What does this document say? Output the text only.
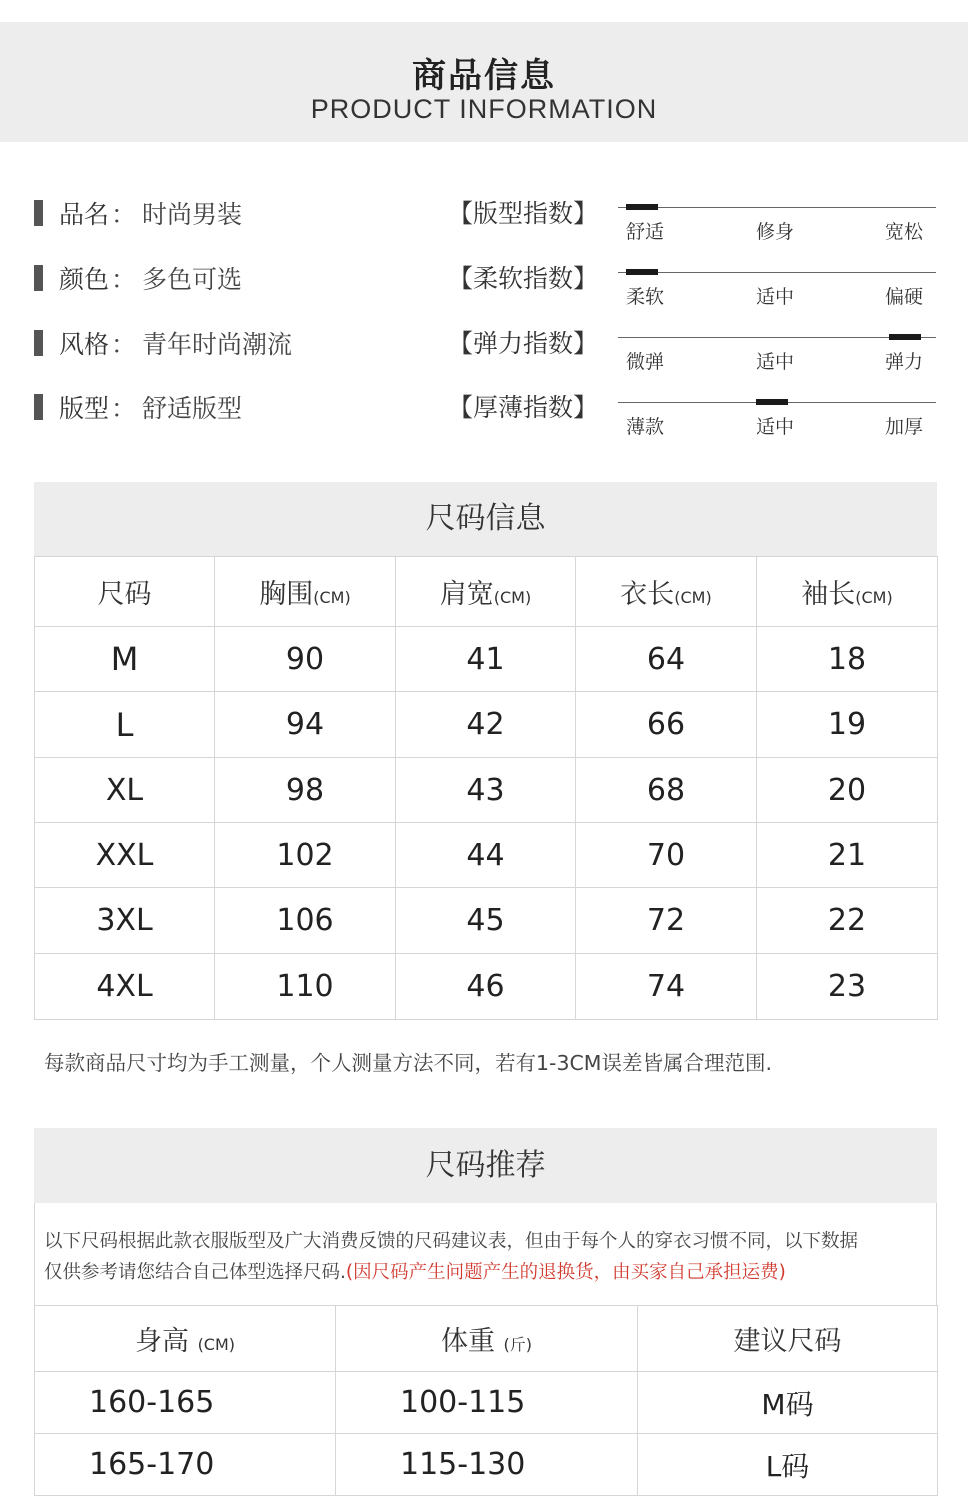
商品信息
PRODUCT INFORMATION
品名 ： 时尚男装
颜色 ： 多色可选
风格 ： 青年时尚潮流
版型 ： 舒适版型
【版型指数】
舒适	修身	宽松
【柔软指数】
柔软	适中	偏硬
【弹力指数】
微弹	适中	弹力
【厚薄指数】
薄款	适中	加厚
尺码信息
尺码	胸围(CM)	肩宽(CM)	衣长(CM)	袖长(CM)
M	90	41	64	18
L	94	42	66	19
XL	98	43	68	20
XXL	102	44	70	21
3XL	106	45	72	22
4XL	110	46	74	23
每款商品尺寸均为手工测量，个人测量方法不同，若有1-3CM误差皆属合理范围.
尺码推荐

以下尺码根据此款衣服版型及广大消费反馈的尺码建议表，但由于每个人的穿衣习惯不同，以下数据

仅供参考请您结合自己体型选择尺码.(因尺码产生问题产生的退换货，由买家自己承担运费)

身高 (CM)	体重 (斤)	建议尺码
160-165	100-115	M码
165-170	115-130	L码
